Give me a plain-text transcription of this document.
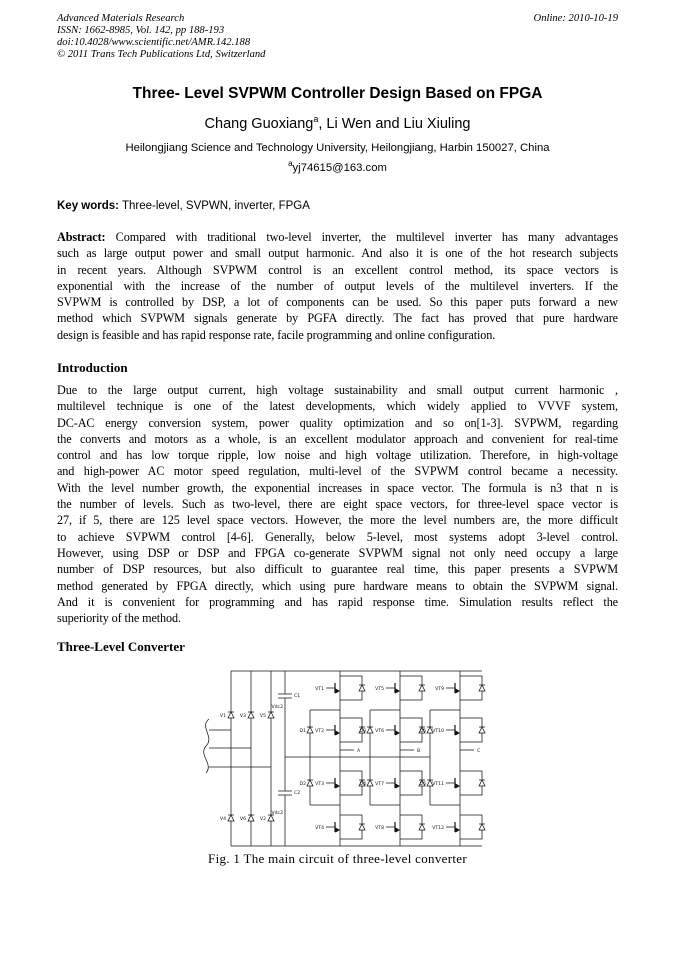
Advanced Materials Research
ISSN: 1662-8985, Vol. 142, pp 188-193
doi:10.4028/www.scientific.net/AMR.142.188
© 2011 Trans Tech Publications Ltd, Switzerland
Online: 2010-10-19
Three- Level SVPWM Controller Design Based on FPGA
Chang Guoxiang$^a$, Li Wen and Liu Xiuling
Heilongjiang Science and Technology University, Heilongjiang, Harbin 150027, China
$^a$yj74615@163.com
Key words: Three-level, SVPWN, inverter, FPGA
Abstract: Compared with traditional two-level inverter, the multilevel inverter has many advantages
such as large output power and small output harmonic. And also it is one of the hot research subjects
in recent years. Although SVPWM control is an excellent control method, its space vectors is
exponential with the increase of the number of output levels of the multilevel inverters. If the
SVPWM is controlled by DSP, a lot of components can be used. So this paper puts forward a new
method which SVPWM signals generate by PGFA directly. The fact has proved that pure hardware
design is feasible and has rapid response rate, facile programming and online configuration.
Introduction
Due to the large output current, high voltage sustainability and small output current harmonic ,
multilevel technique is one of the latest developments, which widely applied to VVVF system,
DC-AC energy conversion system, power quality optimization and so on[1-3]. SVPWM, regarding
the converts and motors as a whole, is an excellent modulator approach and convenient for real-time
control and has low torque ripple, low noise and high voltage utilization. Therefore, in high-voltage
and high-power AC motor speed regulation, multi-level of the SVPWM control became a necessity.
With the level number growth, the exponential increases in space vector. The formula is n3 that n is
the number of levels. Such as two-level, there are eight space vectors, for three-level space vector is
27, if 5, there are 125 level space vectors. However, the more the level numbers are, the more difficult
to achieve SVPWM control [4-6]. Generally, below 5-level, most systems adopt 3-level control.
However, using DSP or DSP and FPGA co-generate SVPWM signal not only need occupy a large
number of DSP resources, but also difficult to guarantee real time, this paper presents a SVPWM
method generated by FPGA directly, which using pure hardware means to obtain the SVPWM signal.
And it is convenient for programming and has rapid response time. Simulation results reflect the
superiority of the method.
Three-Level Converter
V1
V4
V3
V6
V5
V2
C1
Vdc2
C2
Vdc2
D1
D2
A
VT1
VT2
VT3
VT4
D3
D4
B
VT5
VT6
VT7
VT8
D5
D6
C
VT9
VT10
VT11
VT12
Fig. 1 The main circuit of three-level converter
